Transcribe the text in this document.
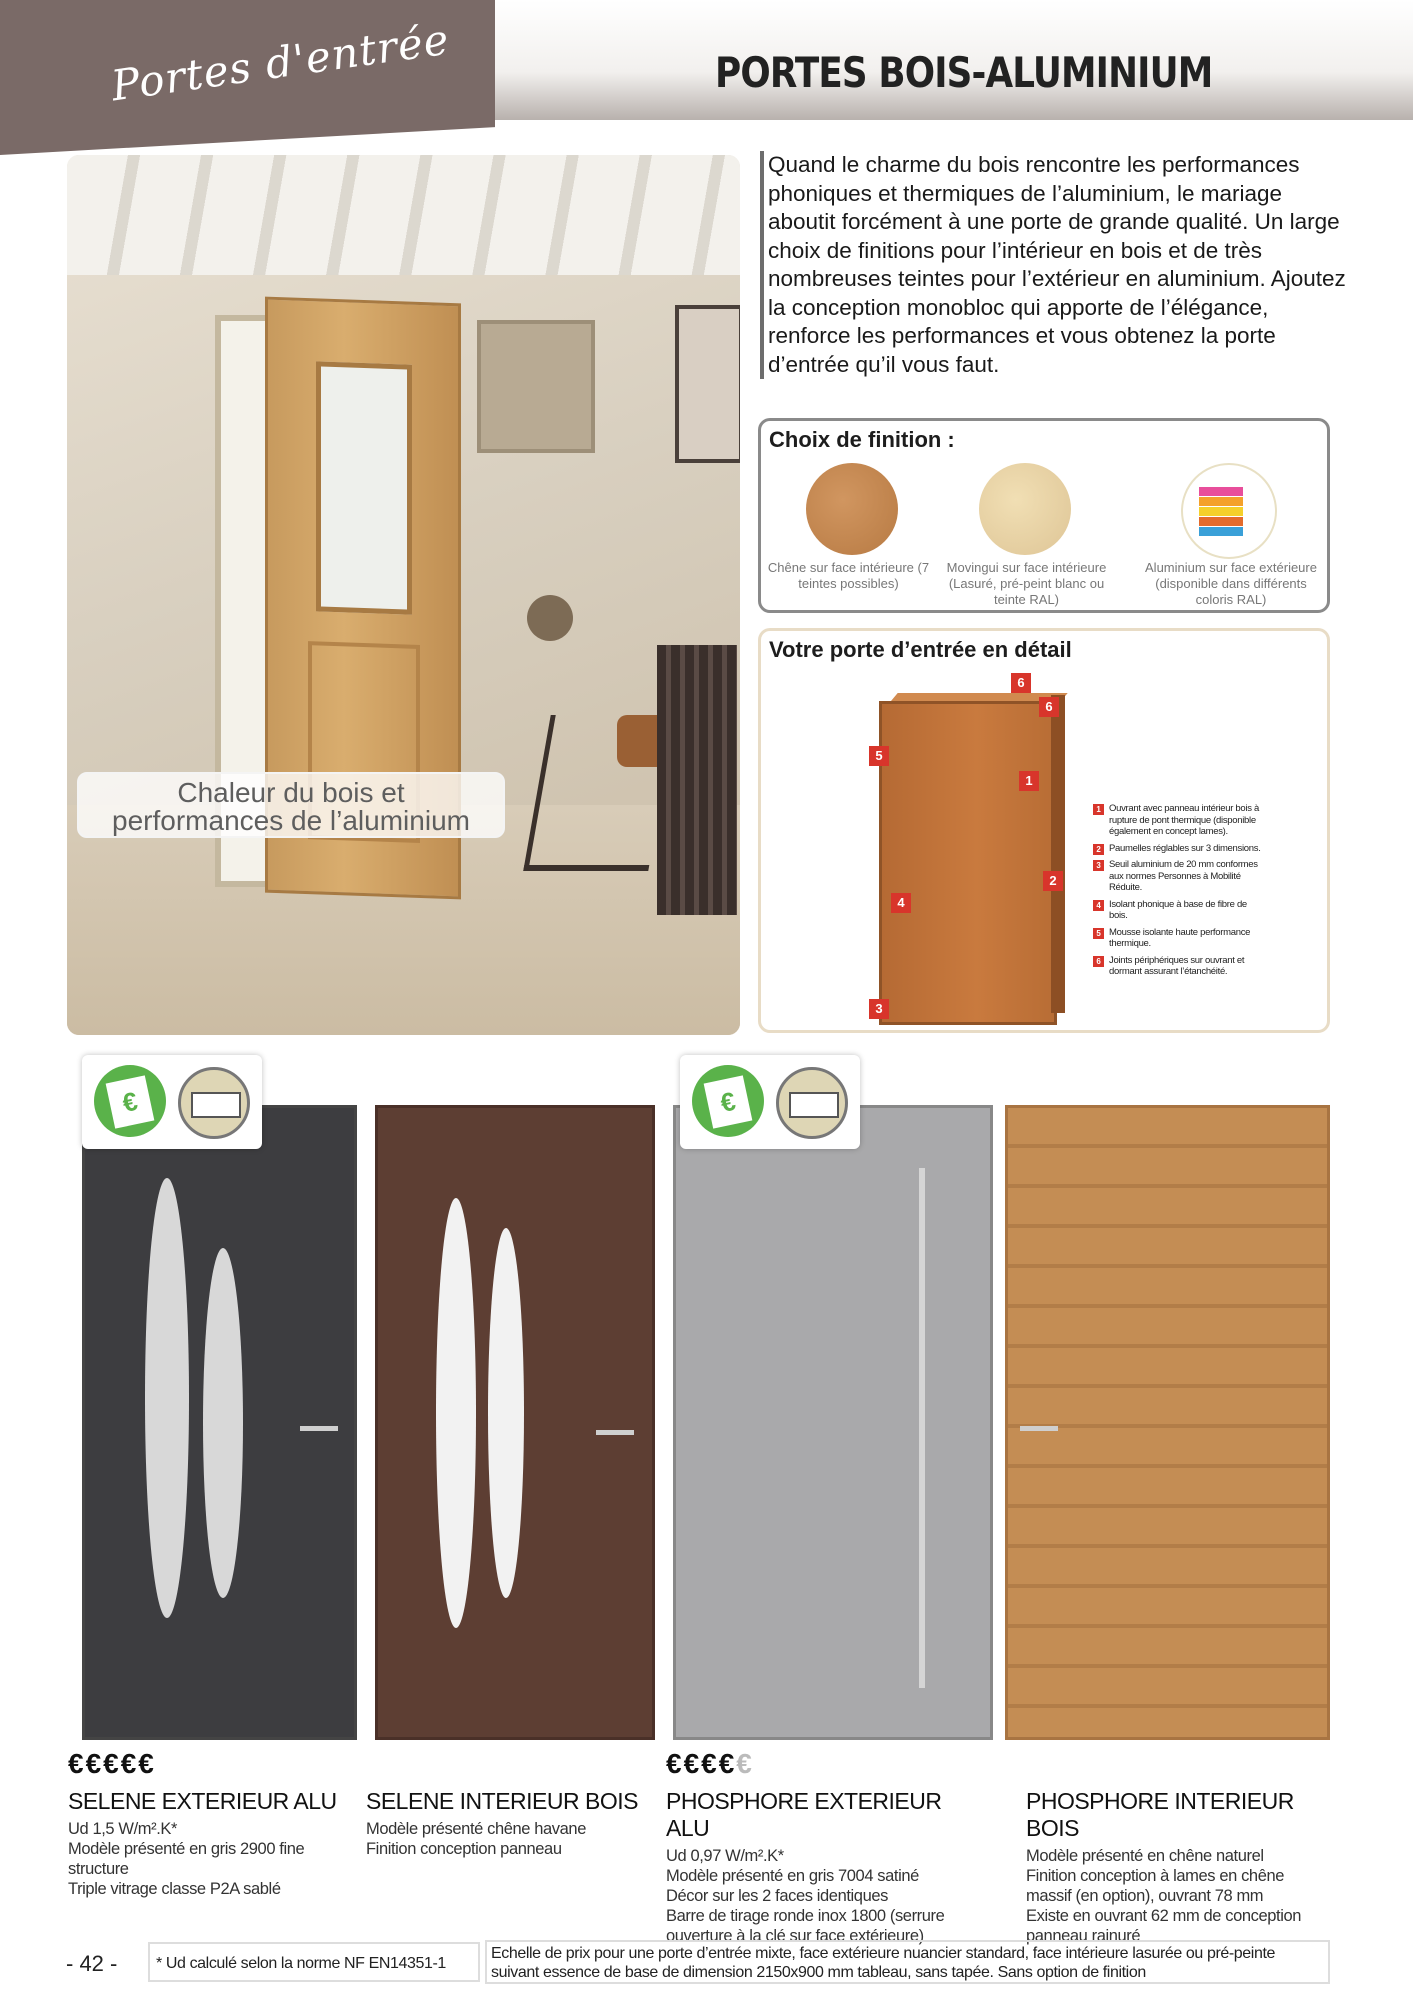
Portes d'entrée	PORTES BOIS-ALUMINIUM
Chaleur du bois et
performances de l’aluminium
Quand le charme du bois rencontre les performances phoniques et thermiques de l’aluminium, le mariage aboutit forcément à une porte de grande qualité. Un large choix de finitions pour l’intérieur en bois et de très nombreuses teintes pour l’extérieur en aluminium. Ajoutez la conception monobloc qui apporte de l’élégance, renforce les performances et vous obtenez la porte d’entrée qu’il vous faut.
Choix de finition :
Chêne sur face intérieure (7 teintes possibles)
Movingui sur face intérieure (Lasuré, pré-peint blanc ou teinte RAL)
Aluminium sur face extérieure (disponible dans différents coloris RAL)
Votre porte d’entrée en détail
6
6
5
1
2
4
3
1 Ouvrant avec panneau intérieur bois à rupture de pont thermique (disponible également en concept lames).
2 Paumelles réglables sur 3 dimensions.
3 Seuil aluminium de 20 mm conformes aux normes Personnes à Mobilité Réduite.
4 Isolant phonique à base de fibre de bois.
5 Mousse isolante haute performance thermique.
6 Joints périphériques sur ouvrant et dormant assurant l’étanchéité.
€	€
€€€€€
SELENE EXTERIEUR ALU

Ud 1,5 W/m².K*

Modèle présenté en gris 2900 fine structure

Triple vitrage classe P2A sablé

SELENE INTERIEUR BOIS

Modèle présenté chêne havane

Finition conception panneau

€€€€€
PHOSPHORE EXTERIEUR ALU

Ud 0,97 W/m².K*

Modèle présenté en gris 7004 satiné

Décor sur les 2 faces identiques

Barre de tirage ronde inox 1800 (serrure ouverture à la clé sur face extérieure)

PHOSPHORE INTERIEUR BOIS

Modèle présenté en chêne naturel

Finition conception à lames en chêne massif (en option), ouvrant 78 mm

Existe en ouvrant 62 mm de conception panneau rainuré

- 42 -	* Ud calculé selon la norme NF EN14351-1
Echelle de prix pour une porte d’entrée mixte, face extérieure nuancier standard, face intérieure lasurée ou pré-peinte suivant essence de base de dimension 2150x900 mm tableau, sans tapée. Sans option de finition
